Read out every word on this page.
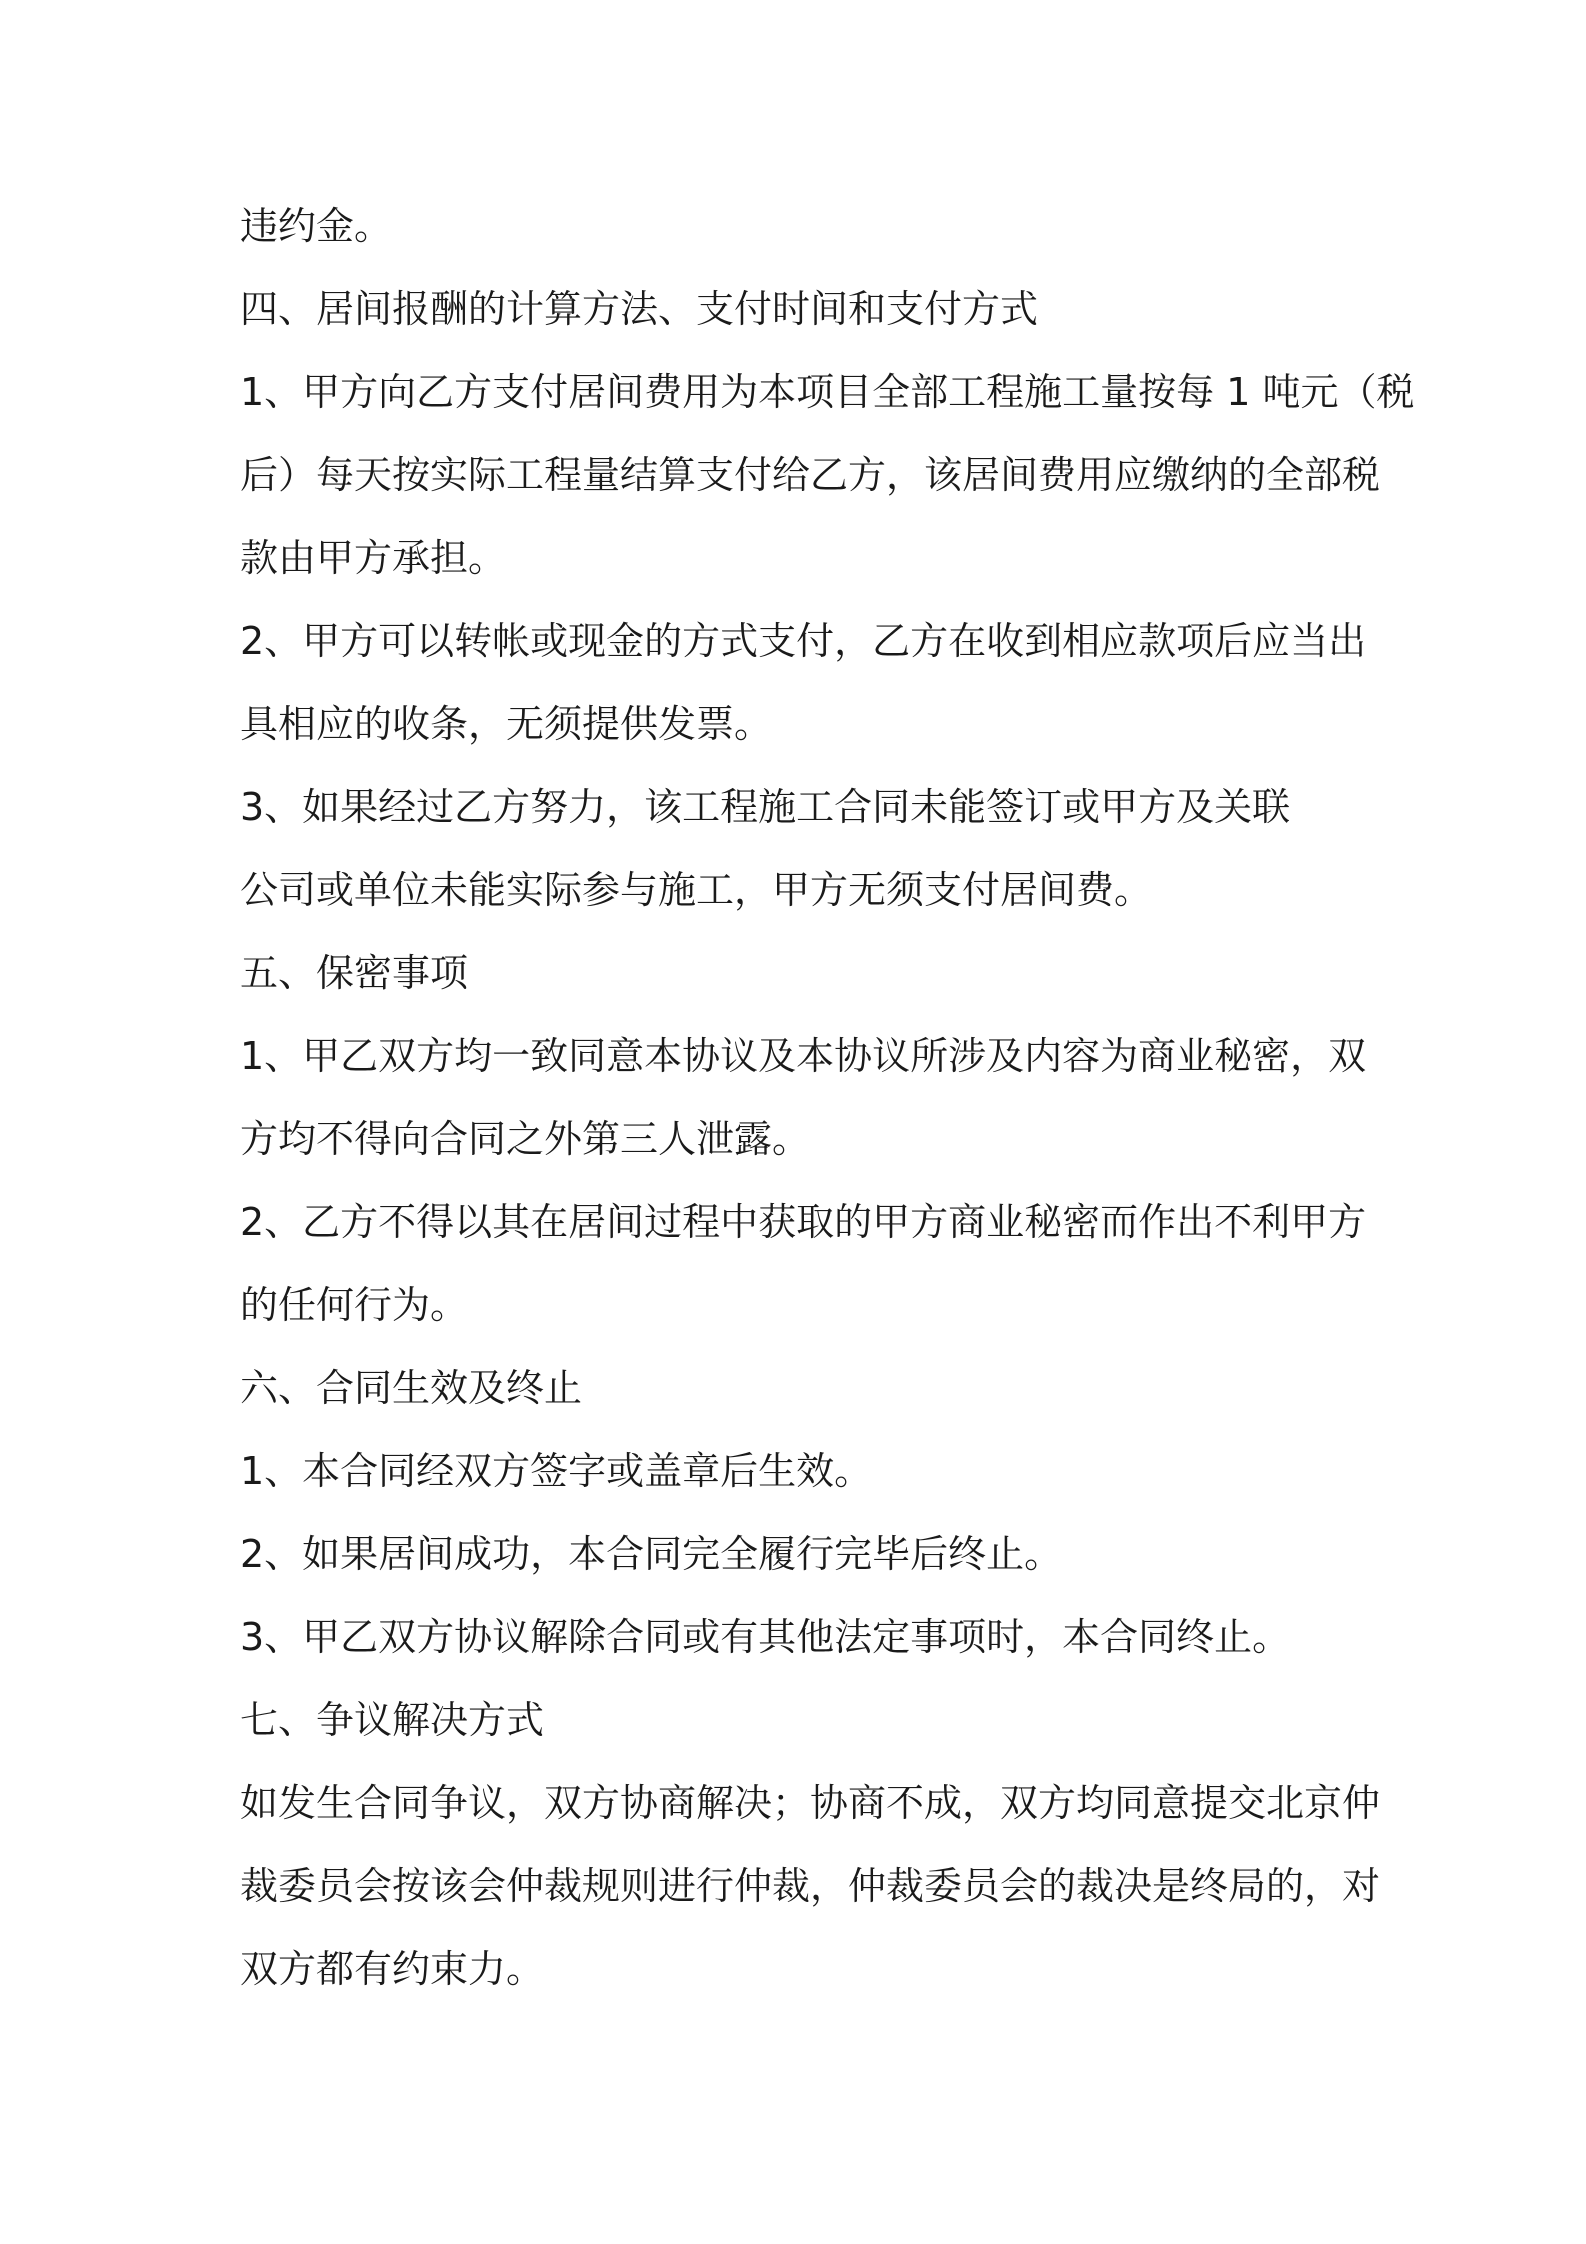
违约金。
四、居间报酬的计算方法、支付时间和支付方式
1、甲方向乙方支付居间费用为本项目全部工程施工量按每 1 吨元（税
后）每天按实际工程量结算支付给乙方，该居间费用应缴纳的全部税
款由甲方承担。
2、甲方可以转帐或现金的方式支付，乙方在收到相应款项后应当出
具相应的收条，无须提供发票。
3、如果经过乙方努力，该工程施工合同未能签订或甲方及关联
公司或单位未能实际参与施工，甲方无须支付居间费。
五、保密事项
1、甲乙双方均一致同意本协议及本协议所涉及内容为商业秘密，双
方均不得向合同之外第三人泄露。
2、乙方不得以其在居间过程中获取的甲方商业秘密而作出不利甲方
的任何行为。
六、合同生效及终止
1、本合同经双方签字或盖章后生效。
2、如果居间成功，本合同完全履行完毕后终止。
3、甲乙双方协议解除合同或有其他法定事项时，本合同终止。
七、争议解决方式
如发生合同争议，双方协商解决；协商不成，双方均同意提交北京仲
裁委员会按该会仲裁规则进行仲裁，仲裁委员会的裁决是终局的，对
双方都有约束力。
